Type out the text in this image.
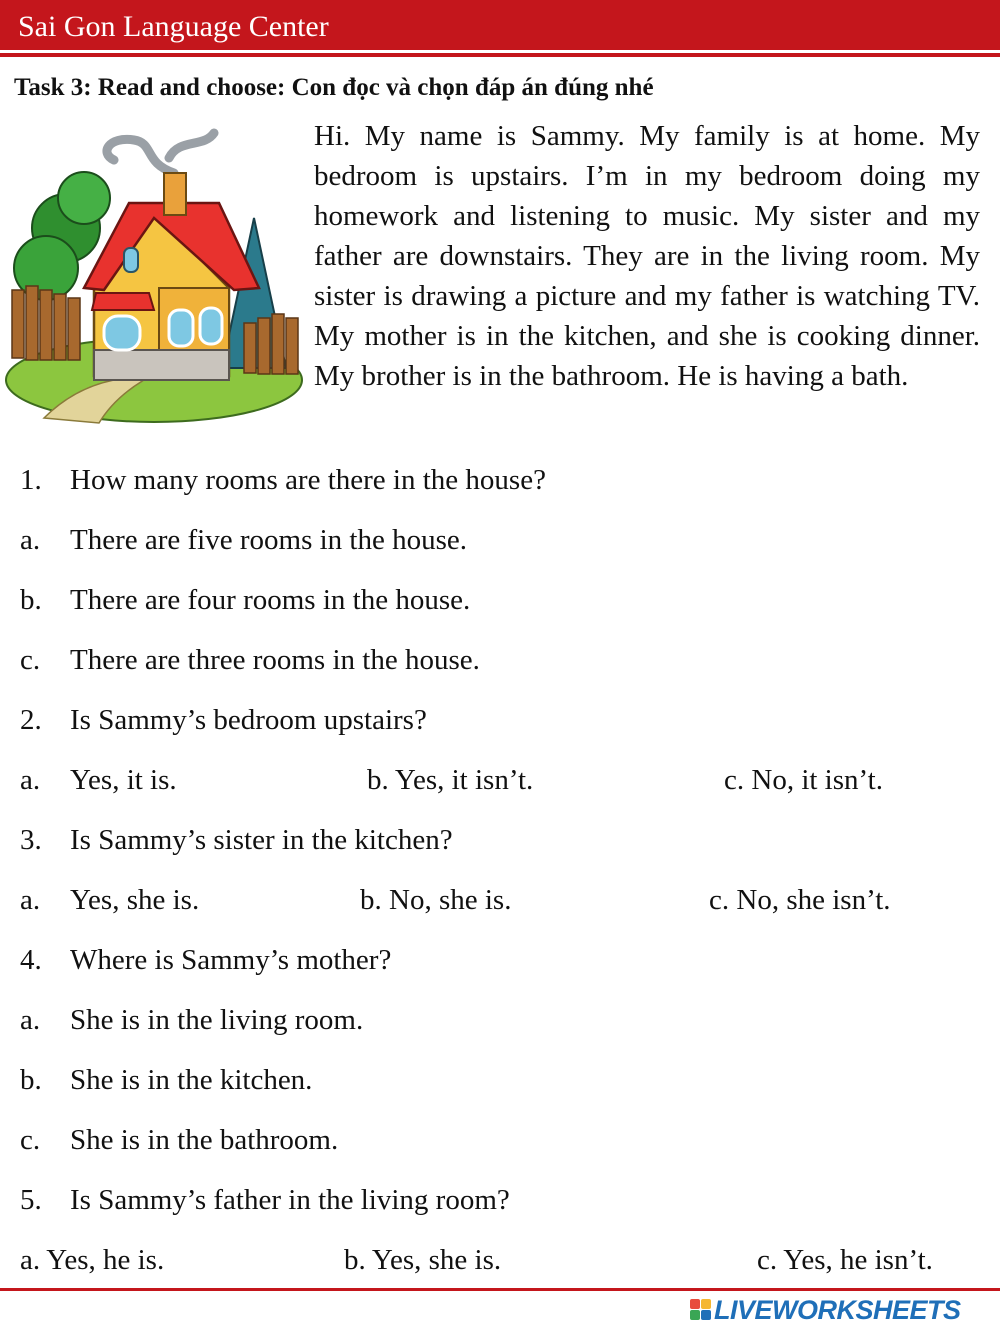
Sai Gon Language Center
Task 3: Read and choose: Con đọc và chọn đáp án đúng nhé

Hi. My name is Sammy. My family is at home. My bedroom is upstairs. I’m in my bedroom doing my homework and listening to music. My sister and my father are downstairs. They are in the living room. My sister is drawing a picture and my father is watching TV. My mother is in the kitchen, and she is cooking dinner. My brother is in the bathroom. He is having a bath.

1. How many rooms are there in the house?
a. There are five rooms in the house.
b. There are four rooms in the house.
c. There are three rooms in the house.
2. Is Sammy’s bedroom upstairs?
a. Yes, it is.	b. Yes, it isn’t.	c. No, it isn’t.
3. Is Sammy’s sister in the kitchen?
a. Yes, she is.	b. No, she is.	c. No, she isn’t.
4. Where is Sammy’s mother?
a. She is in the living room.
b. She is in the kitchen.
c. She is in the bathroom.
5. Is Sammy’s father in the living room?
a. Yes, he is.	b. Yes, she is.	c. Yes, he isn’t.
LIVEWORKSHEETS
